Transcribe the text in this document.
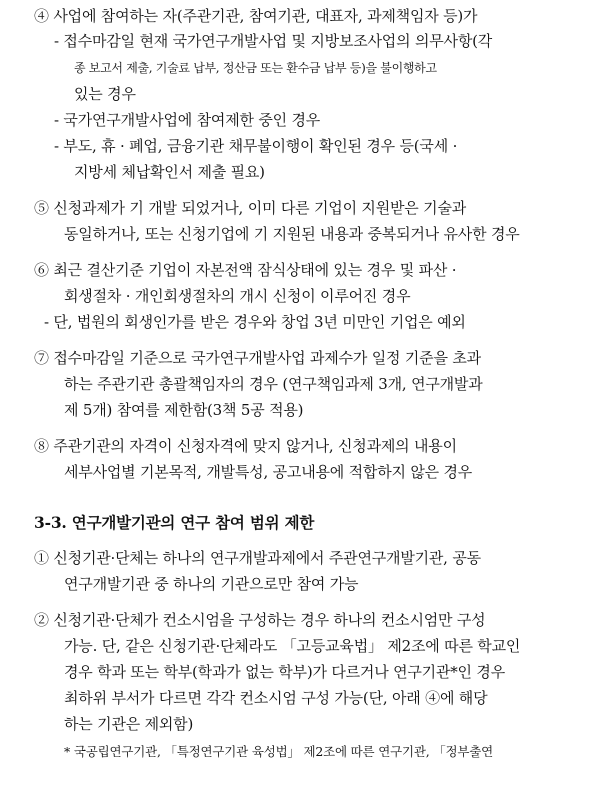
④ 사업에 참여하는 자(주관기관, 참여기관, 대표자, 과제책임자 등)가
- 접수마감일 현재 국가연구개발사업 및 지방보조사업의 의무사항(각
종 보고서 제출, 기술료 납부, 정산금 또는 환수금 납부 등)을 불이행하고
있는 경우
- 국가연구개발사업에 참여제한 중인 경우
- 부도, 휴 · 폐업, 금융기관 채무불이행이 확인된 경우 등(국세 ·
지방세 체납확인서 제출 필요)
⑤ 신청과제가 기 개발 되었거나, 이미 다른 기업이 지원받은 기술과
동일하거나, 또는 신청기업에 기 지원된 내용과 중복되거나 유사한 경우
⑥ 최근 결산기준 기업이 자본전액 잠식상태에 있는 경우 및 파산 ·
회생절차 · 개인회생절차의 개시 신청이 이루어진 경우
- 단, 법원의 회생인가를 받은 경우와 창업 3년 미만인 기업은 예외
⑦ 접수마감일 기준으로 국가연구개발사업 과제수가 일정 기준을 초과
하는 주관기관 총괄책임자의 경우 (연구책임과제 3개, 연구개발과
제 5개) 참여를 제한함(3책 5공 적용)
⑧ 주관기관의 자격이 신청자격에 맞지 않거나, 신청과제의 내용이
세부사업별 기본목적, 개발특성, 공고내용에 적합하지 않은 경우
3-3. 연구개발기관의 연구 참여 범위 제한
① 신청기관·단체는 하나의 연구개발과제에서 주관연구개발기관, 공동
연구개발기관 중 하나의 기관으로만 참여 가능
② 신청기관·단체가 컨소시엄을 구성하는 경우 하나의 컨소시엄만 구성
가능. 단, 같은 신청기관·단체라도 「고등교육법」 제2조에 따른 학교인
경우 학과 또는 학부(학과가 없는 학부)가 다르거나 연구기관*인 경우
최하위 부서가 다르면 각각 컨소시엄 구성 가능(단, 아래 ④에 해당
하는 기관은 제외함)
* 국공립연구기관, 「특정연구기관 육성법」 제2조에 따른 연구기관, 「정부출연
